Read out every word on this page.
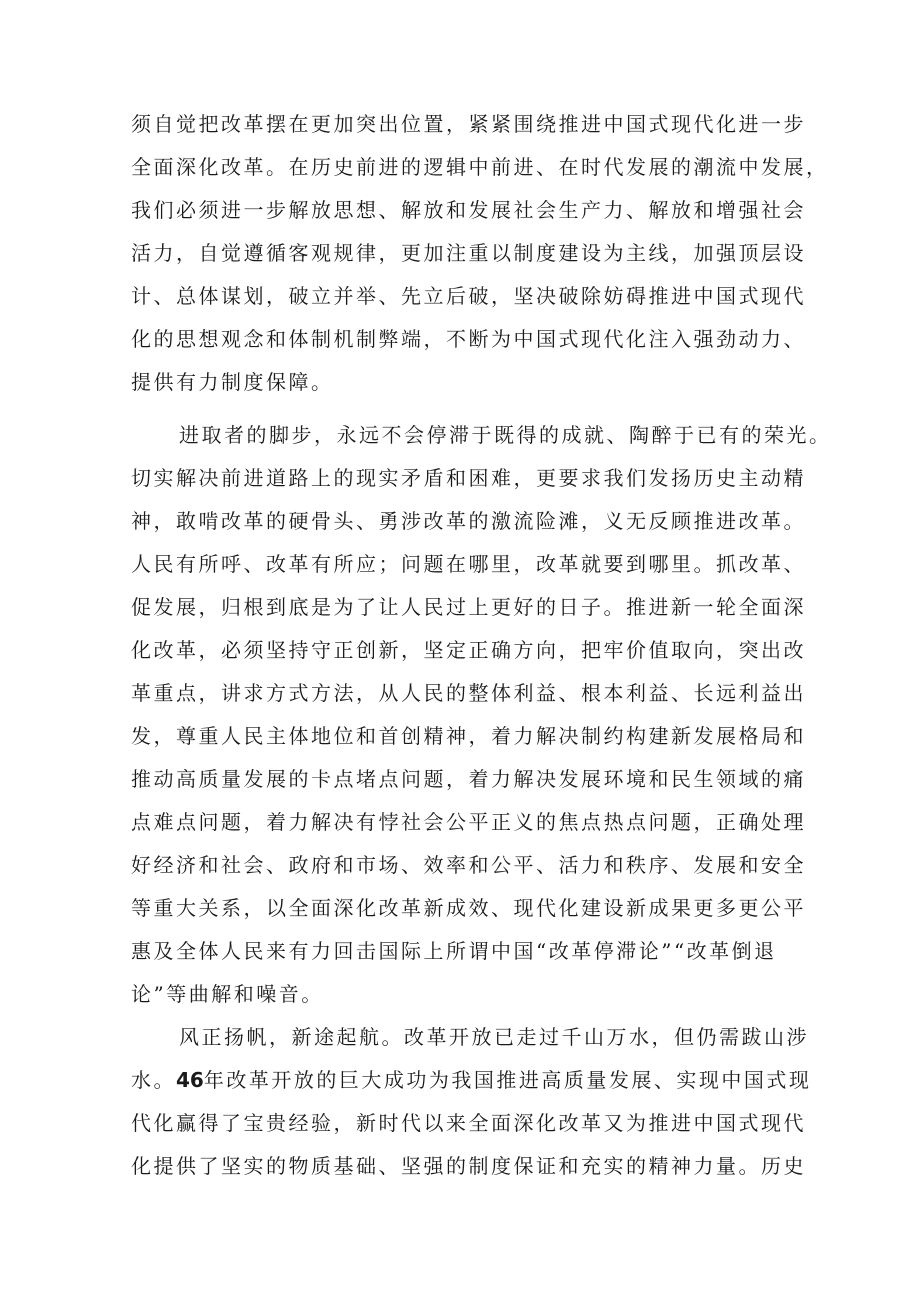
须自觉把改革摆在更加突出位置，紧紧围绕推进中国式现代化进一步
全面深化改革。在历史前进的逻辑中前进、在时代发展的潮流中发展，
我们必须进一步解放思想、解放和发展社会生产力、解放和增强社会
活力，自觉遵循客观规律，更加注重以制度建设为主线，加强顶层设
计、总体谋划，破立并举、先立后破，坚决破除妨碍推进中国式现代
化的思想观念和体制机制弊端，不断为中国式现代化注入强劲动力、
提供有力制度保障。
进取者的脚步，永远不会停滞于既得的成就、陶醉于已有的荣光。
切实解决前进道路上的现实矛盾和困难，更要求我们发扬历史主动精
神，敢啃改革的硬骨头、勇涉改革的激流险滩，义无反顾推进改革。
人民有所呼、改革有所应；问题在哪里，改革就要到哪里。抓改革、
促发展，归根到底是为了让人民过上更好的日子。推进新一轮全面深
化改革，必须坚持守正创新，坚定正确方向，把牢价值取向，突出改
革重点，讲求方式方法，从人民的整体利益、根本利益、长远利益出
发，尊重人民主体地位和首创精神，着力解决制约构建新发展格局和
推动高质量发展的卡点堵点问题，着力解决发展环境和民生领域的痛
点难点问题，着力解决有悖社会公平正义的焦点热点问题，正确处理
好经济和社会、政府和市场、效率和公平、活力和秩序、发展和安全
等重大关系，以全面深化改革新成效、现代化建设新成果更多更公平
惠及全体人民来有力回击国际上所谓中国“改革停滞论”“改革倒退
论”等曲解和噪音。
风正扬帆，新途起航。改革开放已走过千山万水，但仍需跋山涉
水。46年改革开放的巨大成功为我国推进高质量发展、实现中国式现
代化赢得了宝贵经验，新时代以来全面深化改革又为推进中国式现代
化提供了坚实的物质基础、坚强的制度保证和充实的精神力量。历史
